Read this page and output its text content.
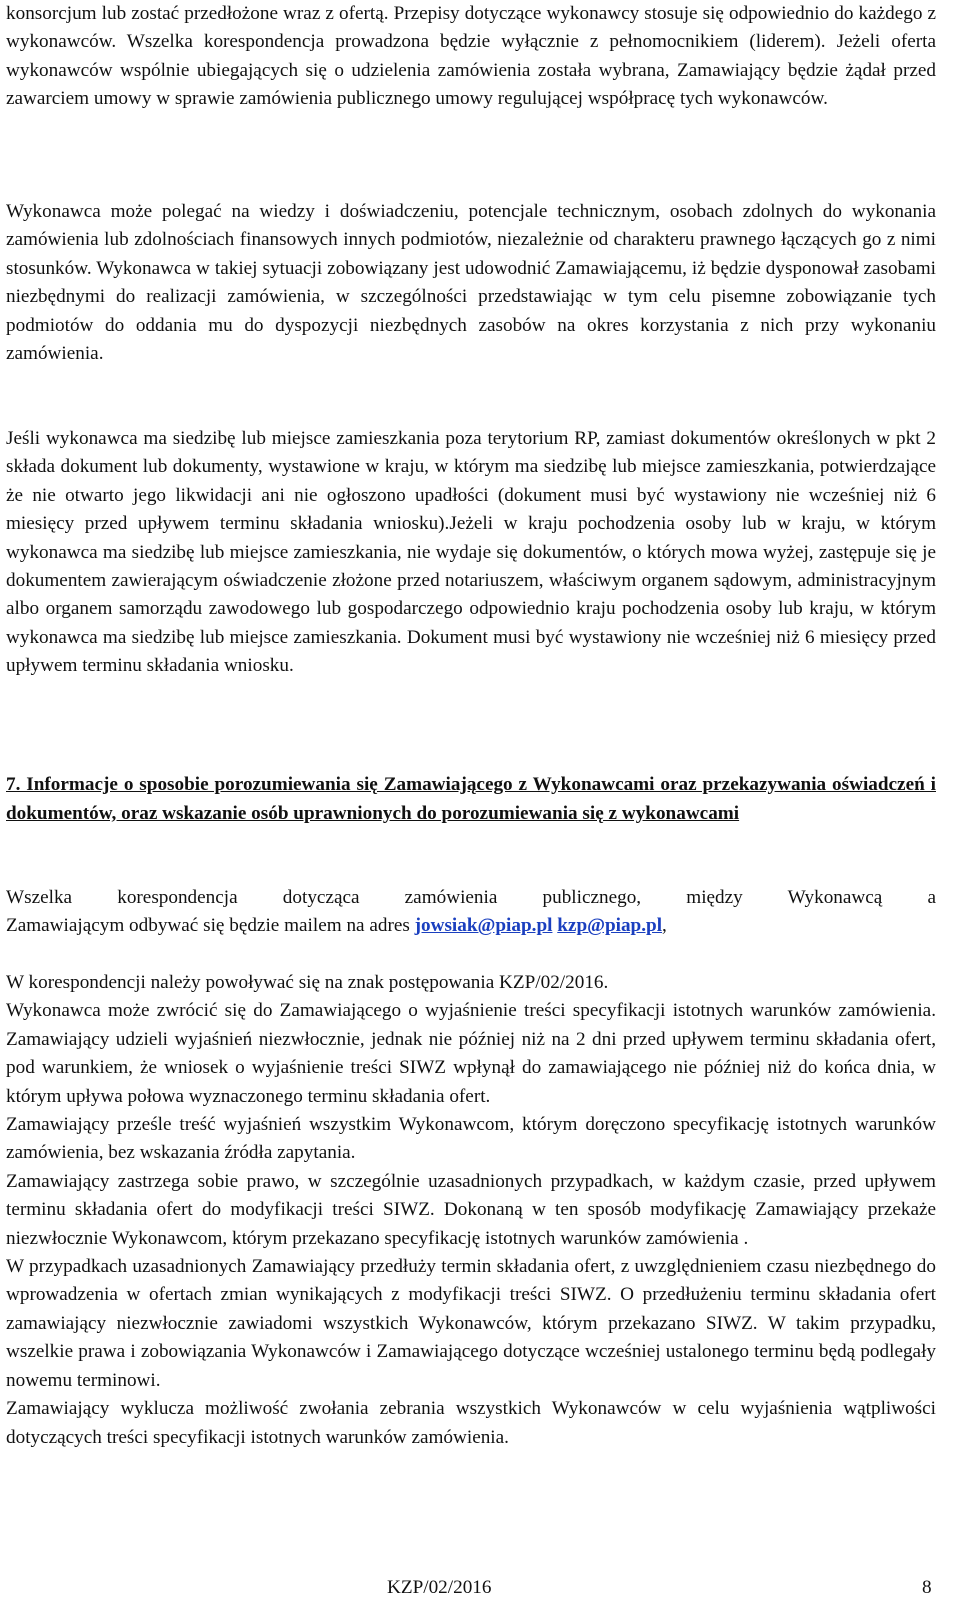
konsorcjum lub zostać przedłożone wraz z ofertą. Przepisy dotyczące wykonawcy stosuje się odpowiednio do każdego z wykonawców. Wszelka korespondencja prowadzona będzie wyłącznie z pełnomocnikiem (liderem). Jeżeli oferta wykonawców wspólnie ubiegających się o udzielenia zamówienia została wybrana, Zamawiający będzie żądał przed zawarciem umowy w sprawie zamówienia publicznego umowy regulującej współpracę tych wykonawców.

Wykonawca może polegać na wiedzy i doświadczeniu, potencjale technicznym, osobach zdolnych do wykonania zamówienia lub zdolnościach finansowych innych podmiotów, niezależnie od charakteru prawnego łączących go z nimi stosunków. Wykonawca w takiej sytuacji zobowiązany jest udowodnić Zamawiającemu, iż będzie dysponował zasobami niezbędnymi do realizacji zamówienia, w szczególności przedstawiając w tym celu pisemne zobowiązanie tych podmiotów do oddania mu do dyspozycji niezbędnych zasobów na okres korzystania z nich przy wykonaniu zamówienia.

Jeśli wykonawca ma siedzibę lub miejsce zamieszkania poza terytorium RP, zamiast dokumentów określonych w pkt 2 składa dokument lub dokumenty, wystawione w kraju, w którym ma siedzibę lub miejsce zamieszkania, potwierdzające że nie otwarto jego likwidacji ani nie ogłoszono upadłości (dokument musi być wystawiony nie wcześniej niż 6 miesięcy przed upływem terminu składania wniosku).Jeżeli w kraju pochodzenia osoby lub w kraju, w którym wykonawca ma siedzibę lub miejsce zamieszkania, nie wydaje się dokumentów, o których mowa wyżej, zastępuje się je dokumentem zawierającym oświadczenie złożone przed notariuszem, właściwym organem sądowym, administracyjnym albo organem samorządu zawodowego lub gospodarczego odpowiednio kraju pochodzenia osoby lub kraju, w którym wykonawca ma siedzibę lub miejsce zamieszkania. Dokument musi być wystawiony nie wcześniej niż 6 miesięcy przed upływem terminu składania wniosku.

7. Informacje o sposobie porozumiewania się Zamawiającego z Wykonawcami oraz przekazywania oświadczeń i dokumentów, oraz wskazanie osób uprawnionych do porozumiewania się z wykonawcami

Wszelka korespondencja dotycząca zamówienia publicznego, między Wykonawcą a
Zamawiającym odbywać się będzie mailem na adres jowsiak@piap.pl kzp@piap.pl,

W korespondencji należy powoływać się na znak postępowania KZP/02/2016.

Wykonawca może zwrócić się do Zamawiającego o wyjaśnienie treści specyfikacji istotnych warunków zamówienia. Zamawiający udzieli wyjaśnień niezwłocznie, jednak nie później niż na 2 dni przed upływem terminu składania ofert, pod warunkiem, że wniosek o wyjaśnienie treści SIWZ wpłynął do zamawiającego nie później niż do końca dnia, w którym upływa połowa wyznaczonego terminu składania ofert.

Zamawiający prześle treść wyjaśnień wszystkim Wykonawcom, którym doręczono specyfikację istotnych warunków zamówienia, bez wskazania źródła zapytania.

Zamawiający zastrzega sobie prawo, w szczególnie uzasadnionych przypadkach, w każdym czasie, przed upływem terminu składania ofert do modyfikacji treści SIWZ. Dokonaną w ten sposób modyfikację Zamawiający przekaże niezwłocznie Wykonawcom, którym przekazano specyfikację istotnych warunków zamówienia .

W przypadkach uzasadnionych Zamawiający przedłuży termin składania ofert, z uwzględnieniem czasu niezbędnego do wprowadzenia w ofertach zmian wynikających z modyfikacji treści SIWZ. O przedłużeniu terminu składania ofert zamawiający niezwłocznie zawiadomi wszystkich Wykonawców, którym przekazano SIWZ. W takim przypadku, wszelkie prawa i zobowiązania Wykonawców i Zamawiającego dotyczące wcześniej ustalonego terminu będą podlegały nowemu terminowi.

Zamawiający wyklucza możliwość zwołania zebrania wszystkich Wykonawców w celu wyjaśnienia wątpliwości dotyczących treści specyfikacji istotnych warunków zamówienia.

KZP/02/2016	8
